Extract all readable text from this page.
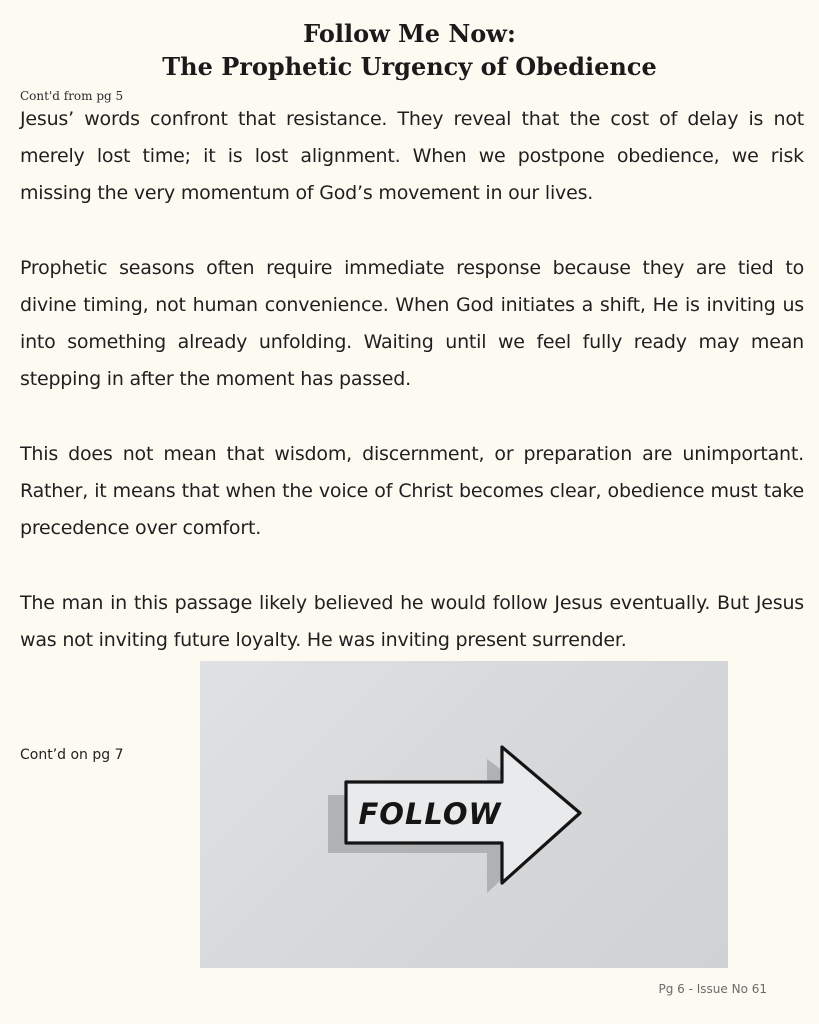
Follow Me Now:
The Prophetic Urgency of Obedience
Cont'd from pg 5

Jesus’ words confront that resistance. They reveal that the cost of delay is not merely lost time; it is lost alignment. When we postpone obedience, we risk missing the very momentum of God’s movement in our lives.

Prophetic seasons often require immediate response because they are tied to divine timing, not human convenience. When God initiates a shift, He is inviting us into something already unfolding. Waiting until we feel fully ready may mean stepping in after the moment has passed.

This does not mean that wisdom, discernment, or preparation are unimportant. Rather, it means that when the voice of Christ becomes clear, obedience must take precedence over comfort.

The man in this passage likely believed he would follow Jesus eventually. But Jesus was not inviting future loyalty. He was inviting present surrender.

Cont’d on pg 7
FOLLOW
Pg 6 - Issue No 61
